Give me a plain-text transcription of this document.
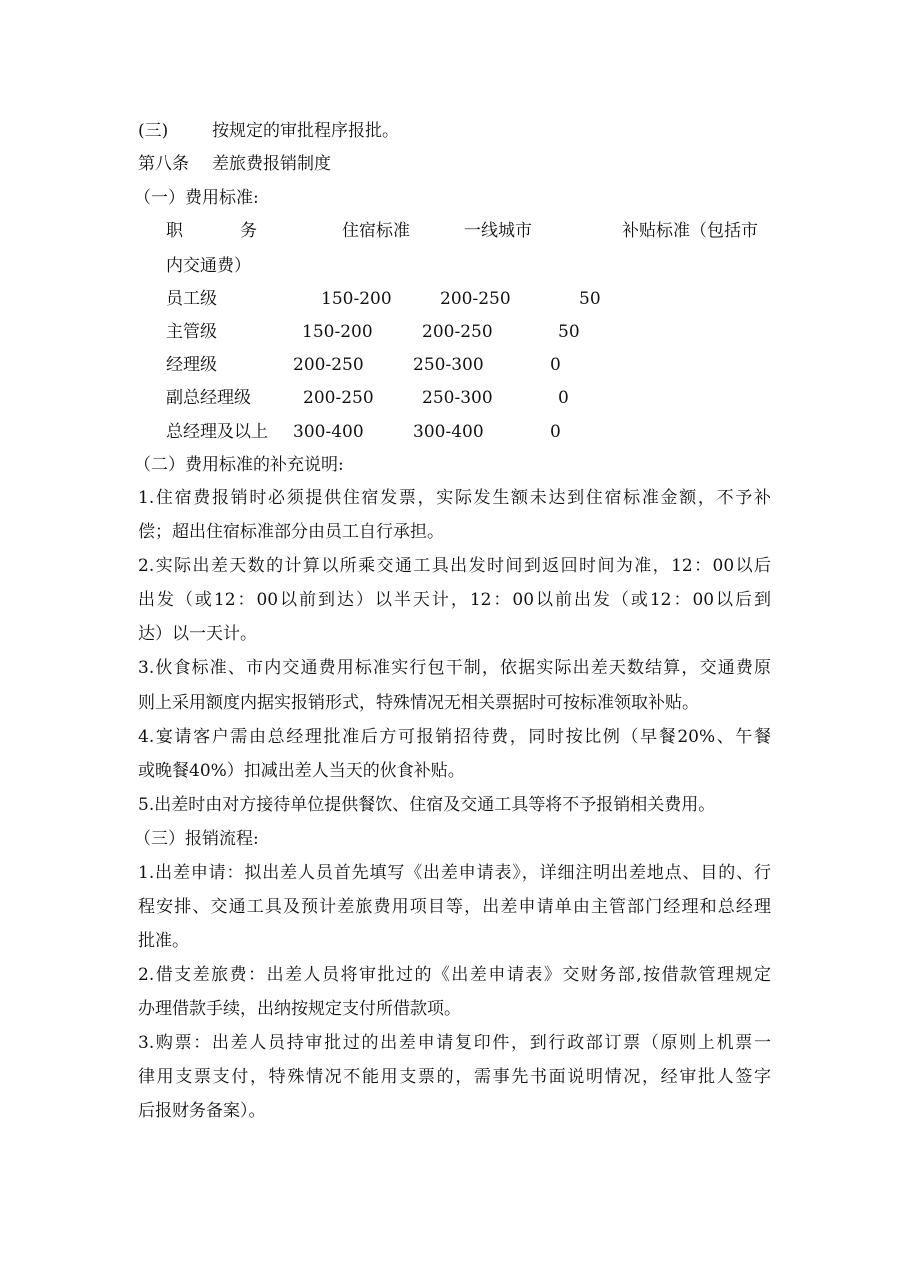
(三)	按规定的审批程序报批。
第八条 差旅费报销制度
（一）费用标准:
职	务	住宿标准	一线城市	补贴标准（包括市
内交通费）
员工级	150-200	200-250	50
主管级	150-200	200-250	50
经理级	200-250	250-300	0
副总经理级	200-250	250-300	0
总经理及以上 300-400	300-400	0
（二）费用标准的补充说明:
1.住宿费报销时必须提供住宿发票，实际发生额未达到住宿标准金额，不予补
偿；超出住宿标准部分由员工自行承担。
2.实际出差天数的计算以所乘交通工具出发时间到返回时间为准，12：00以后
出发（或12：00以前到达）以半天计，12：00以前出发（或12：00以后到
达）以一天计。
3.伙食标准、市内交通费用标准实行包干制，依据实际出差天数结算，交通费原
则上采用额度内据实报销形式，特殊情况无相关票据时可按标准领取补贴。
4.宴请客户需由总经理批准后方可报销招待费，同时按比例（早餐20%、午餐
或晚餐40%）扣减出差人当天的伙食补贴。
5.出差时由对方接待单位提供餐饮、住宿及交通工具等将不予报销相关费用。
（三）报销流程:
1.出差申请：拟出差人员首先填写《出差申请表》，详细注明出差地点、目的、行
程安排、交通工具及预计差旅费用项目等，出差申请单由主管部门经理和总经理
批准。
2.借支差旅费：出差人员将审批过的《出差申请表》交财务部,按借款管理规定
办理借款手续，出纳按规定支付所借款项。
3.购票：出差人员持审批过的出差申请复印件，到行政部订票（原则上机票一
律用支票支付，特殊情况不能用支票的，需事先书面说明情况，经审批人签字
后报财务备案）。
